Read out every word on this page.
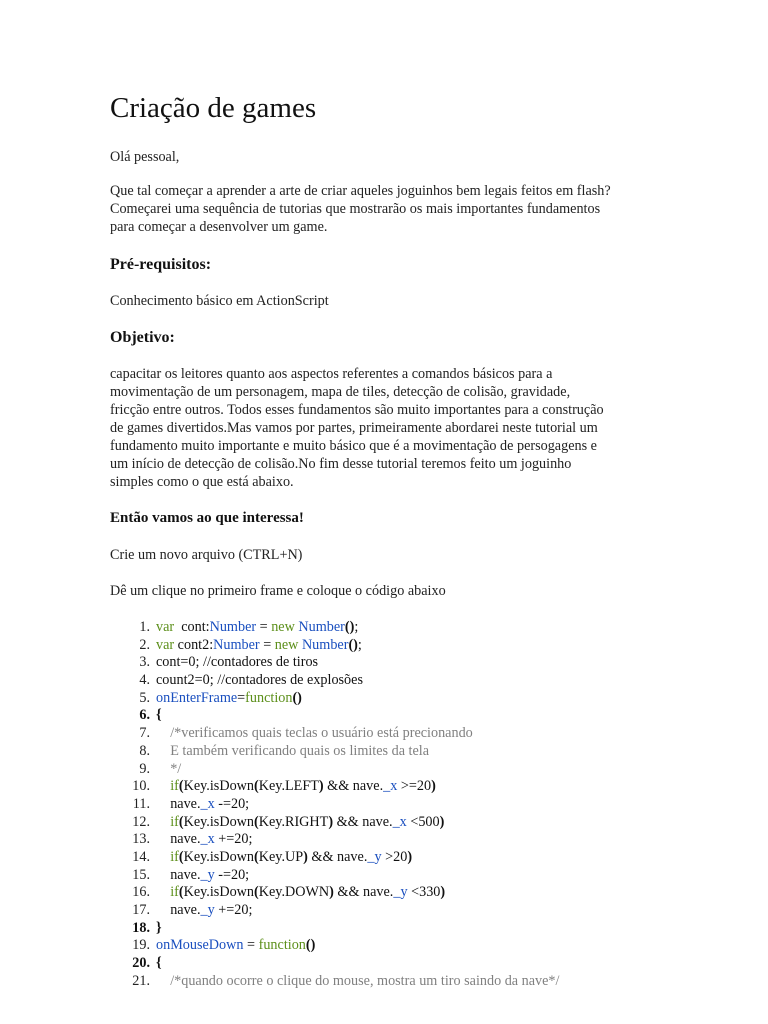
Criação de games

Olá pessoal,

Que tal começar a aprender a arte de criar aqueles joguinhos bem legais feitos em flash?
Começarei uma sequência de tutorias que mostrarão os mais importantes fundamentos
para começar a desenvolver um game.
Pré-requisitos:

Conhecimento básico em ActionScript

Objetivo:
capacitar os leitores quanto aos aspectos referentes a comandos básicos para a
movimentação de um personagem, mapa de tiles, detecção de colisão, gravidade,
fricção entre outros. Todos esses fundamentos são muito importantes para a construção
de games divertidos.Mas vamos por partes, primeiramente abordarei neste tutorial um
fundamento muito importante e muito básico que é a movimentação de persogagens e
um início de detecção de colisão.No fim desse tutorial teremos feito um joguinho
simples como o que está abaixo.
Então vamos ao que interessa!

Crie um novo arquivo (CTRL+N)

Dê um clique no primeiro frame e coloque o código abaixo

1. var  cont:Number = new Number();
2. var cont2:Number = new Number();
3. cont=0; //contadores de tiros
4. count2=0; //contadores de explosões
5. onEnterFrame=function()
6. {
7. /*verificamos quais teclas o usuário está precionando
8. E também verificando quais os limites da tela
9. */
10.	if(Key.isDown(Key.LEFT) && nave._x >=20)
11. nave._x -=20;
12.	if(Key.isDown(Key.RIGHT) && nave._x <500)
13. nave._x +=20;
14.	if(Key.isDown(Key.UP) && nave._y >20)
15. nave._y -=20;
16.	if(Key.isDown(Key.DOWN) && nave._y <330)
17. nave._y +=20;
18. }
19. onMouseDown = function()
20. {
21. /*quando ocorre o clique do mouse, mostra um tiro saindo da nave*/
